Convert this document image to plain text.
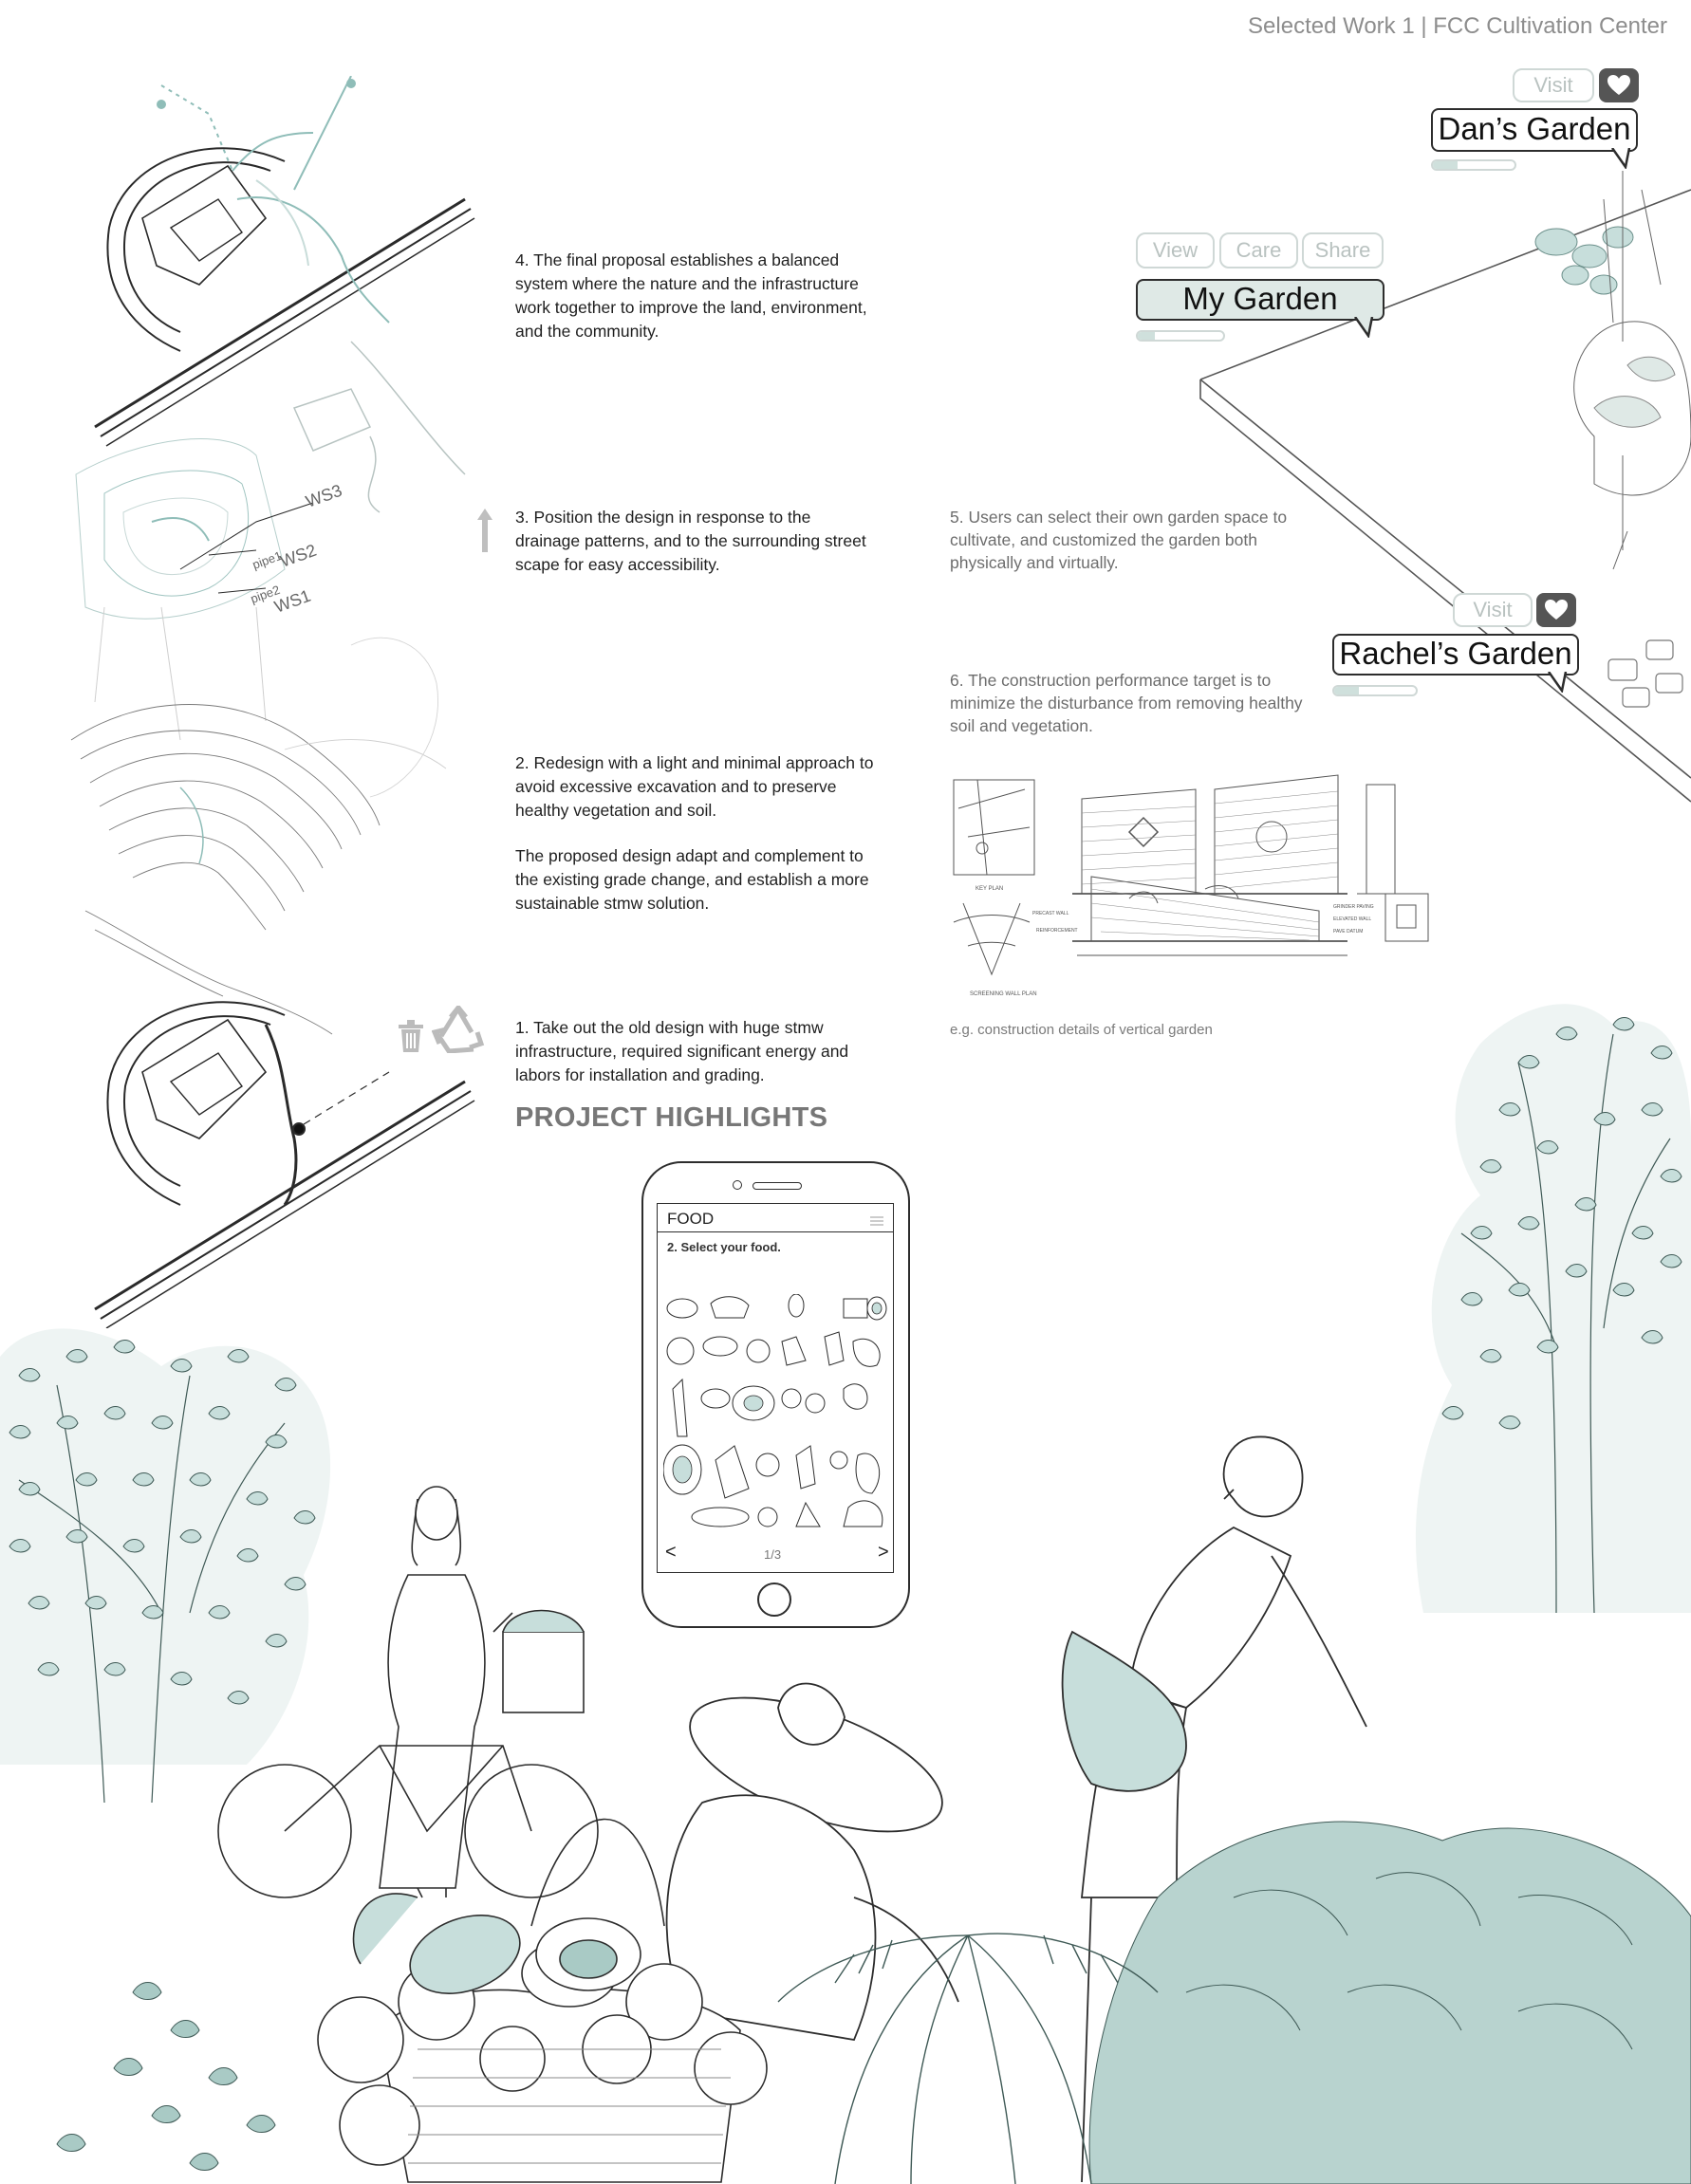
Selected Work 1 | FCC Cultivation Center
WS3
WS2
WS1
pipe1
pipe2
4. The final proposal establishes a balanced system where the nature and the infrastructure work together to improve the land, environment, and the community.
3. Position the design in response to the drainage patterns, and to the surrounding street scape for easy accessibility.
2. Redesign with a light and minimal approach to avoid excessive excavation and to preserve healthy vegetation and soil.
The proposed design adapt and complement to the existing grade change, and establish a more sustainable stmw solution.
1. Take out the old design with huge stmw infrastructure, required significant energy and labors for installation and grading.
PROJECT HIGHLIGHTS
5. Users can select their own garden space to cultivate, and customized the garden both physically and virtually.
6. The construction performance target is to minimize the disturbance from removing healthy soil and vegetation.
SCREENING WALL PLAN
KEY PLAN
PRECAST WALL
REINFORCEMENT
GRINDER PAVING
ELEVATED WALL
PAVE DATUM
e.g. construction details of vertical garden
Visit
Dan’s Garden
View	Care	Share
My Garden
Visit
Rachel’s Garden
FOOD
2. Select your food.
<	1/3	>
